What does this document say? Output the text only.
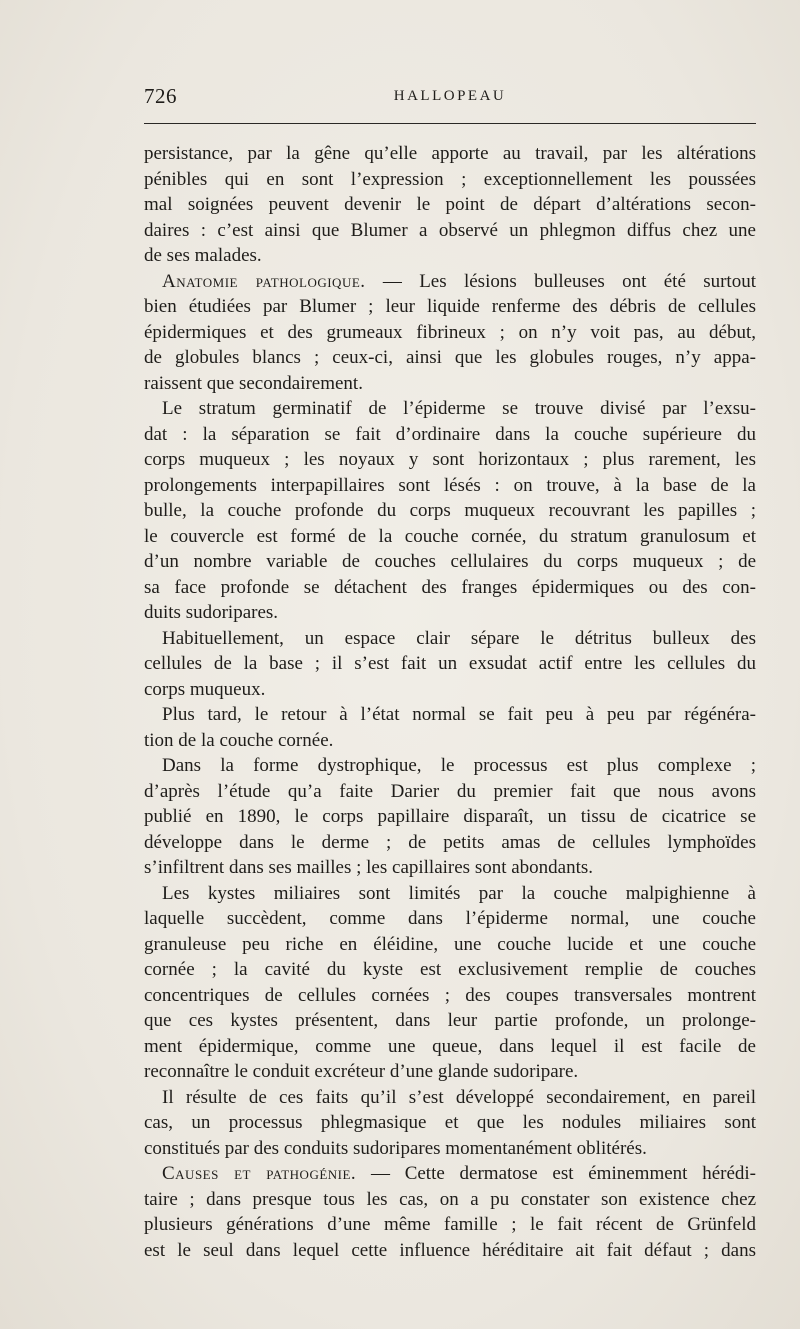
726	HALLOPEAU
persistance, par la gêne qu’elle apporte au travail, par les altérations
pénibles qui en sont l’expression ; exceptionnellement les poussées
mal soignées peuvent devenir le point de départ d’altérations secon-
daires : c’est ainsi que Blumer a observé un phlegmon diffus chez une
de ses malades.
Anatomie pathologique. — Les lésions bulleuses ont été surtout
bien étudiées par Blumer ; leur liquide renferme des débris de cellules
épidermiques et des grumeaux fibrineux ; on n’y voit pas, au début,
de globules blancs ; ceux-ci, ainsi que les globules rouges, n’y appa-
raissent que secondairement.
Le stratum germinatif de l’épiderme se trouve divisé par l’exsu-
dat : la séparation se fait d’ordinaire dans la couche supérieure du
corps muqueux ; les noyaux y sont horizontaux ; plus rarement, les
prolongements interpapillaires sont lésés : on trouve, à la base de la
bulle, la couche profonde du corps muqueux recouvrant les papilles ;
le couvercle est formé de la couche cornée, du stratum granulosum et
d’un nombre variable de couches cellulaires du corps muqueux ; de
sa face profonde se détachent des franges épidermiques ou des con-
duits sudoripares.
Habituellement, un espace clair sépare le détritus bulleux des
cellules de la base ; il s’est fait un exsudat actif entre les cellules du
corps muqueux.
Plus tard, le retour à l’état normal se fait peu à peu par régénéra-
tion de la couche cornée.
Dans la forme dystrophique, le processus est plus complexe ;
d’après l’étude qu’a faite Darier du premier fait que nous avons
publié en 1890, le corps papillaire disparaît, un tissu de cicatrice se
développe dans le derme ; de petits amas de cellules lymphoïdes
s’infiltrent dans ses mailles ; les capillaires sont abondants.
Les kystes miliaires sont limités par la couche malpighienne à
laquelle succèdent, comme dans l’épiderme normal, une couche
granuleuse peu riche en éléidine, une couche lucide et une couche
cornée ; la cavité du kyste est exclusivement remplie de couches
concentriques de cellules cornées ; des coupes transversales montrent
que ces kystes présentent, dans leur partie profonde, un prolonge-
ment épidermique, comme une queue, dans lequel il est facile de
reconnaître le conduit excréteur d’une glande sudoripare.
Il résulte de ces faits qu’il s’est développé secondairement, en pareil
cas, un processus phlegmasique et que les nodules miliaires sont
constitués par des conduits sudoripares momentanément oblitérés.
Causes et pathogénie. — Cette dermatose est éminemment hérédi-
taire ; dans presque tous les cas, on a pu constater son existence chez
plusieurs générations d’une même famille ; le fait récent de Grünfeld
est le seul dans lequel cette influence héréditaire ait fait défaut ; dans
